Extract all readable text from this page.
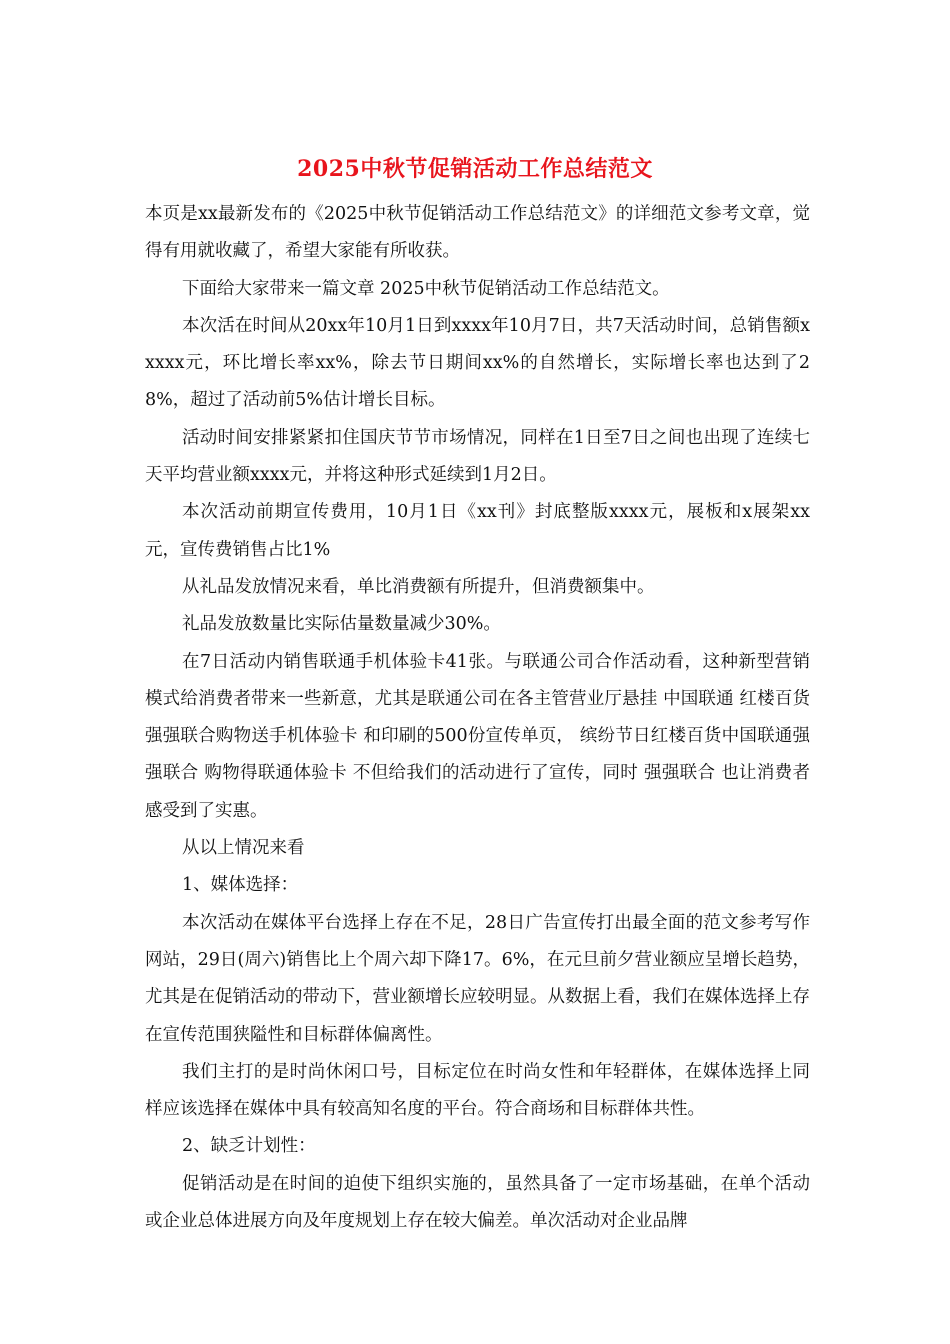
2025中秋节促销活动工作总结范文

本页是xx最新发布的《2025中秋节促销活动工作总结范文》的详细范文参考文章，觉得有用就收藏了，希望大家能有所收获。

下面给大家带来一篇文章 2025中秋节促销活动工作总结范文。

本次活在时间从20xx年10月1日到xxxx年10月7日，共7天活动时间，总销售额xxxxx元，环比增长率xx%，除去节日期间xx%的自然增长，实际增长率也达到了28%，超过了活动前5%估计增长目标。

活动时间安排紧紧扣住国庆节节市场情况，同样在1日至7日之间也出现了连续七天平均营业额xxxx元，并将这种形式延续到1月2日。

本次活动前期宣传费用，10月1日《xx刊》封底整版xxxx元，展板和x展架xx元，宣传费销售占比1%

从礼品发放情况来看，单比消费额有所提升，但消费额集中。

礼品发放数量比实际估量数量减少30%。

在7日活动内销售联通手机体验卡41张。与联通公司合作活动看，这种新型营销模式给消费者带来一些新意，尤其是联通公司在各主管营业厅悬挂 中国联通 红楼百货强强联合购物送手机体验卡 和印刷的500份宣传单页， 缤纷节日红楼百货中国联通强强联合 购物得联通体验卡 不但给我们的活动进行了宣传，同时 强强联合 也让消费者感受到了实惠。

从以上情况来看

1、媒体选择：

本次活动在媒体平台选择上存在不足，28日广告宣传打出最全面的范文参考写作网站，29日(周六)销售比上个周六却下降17。6%，在元旦前夕营业额应呈增长趋势，尤其是在促销活动的带动下，营业额增长应较明显。从数据上看，我们在媒体选择上存在宣传范围狭隘性和目标群体偏离性。

我们主打的是时尚休闲口号，目标定位在时尚女性和年轻群体，在媒体选择上同样应该选择在媒体中具有较高知名度的平台。符合商场和目标群体共性。

2、缺乏计划性：

促销活动是在时间的迫使下组织实施的，虽然具备了一定市场基础，在单个活动或企业总体进展方向及年度规划上存在较大偏差。单次活动对企业品牌
